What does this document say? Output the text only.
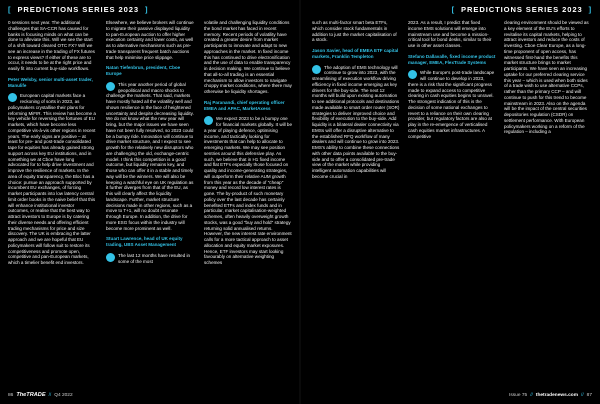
[ PREDICTIONS SERIES 2023 ]	[ PREDICTIONS SERIES 2023 ]
0 sessions next year. The additional challenges that SA-CCR has caused for banks is focusing minds on what can be done to alleviate this. Will we see the start of a shift toward cleared OTC FX? Will we see an increase in the trading of FX futures to express views? If either of these are to occur, it needs to be at the right price and easily fit into current buy-side workflows.
Peter Welsby, senior multi-asset trader, Manulife
European capital markets face a reckoning of sorts in 2023, as policymakers crystallise their plans for reforming MiFIR. This review has become a key vehicle for reversing the fortunes of EU markets, which have become less competitive vis-à-vis other regions in recent years. The early signs are positive – at least for pre- and post-trade consolidated tape for equities has already gained strong support across key EU institutions, and in something we at Cboe have long advocated for to help drive investment and improve the resilience of markets. In the area of equity transparency, the Bloc has a choice: pursue an approach supported by incumbent EU exchanges, of forcing market participants into low latency central limit order books in the naive belief that this will enhance institutional investor outcomes, or realise that the best way to attract investors to Europe is by catering their diverse needs and offering efficient trading mechanisms for price and size discovery. The UK is embracing the latter approach and we are hopeful that EU policymakers will follow suit to restore its competitiveness and promote open, competitive and pan-European markets, which a timelier benefit end investors.
Elsewhere, we believe brokers will continue to migrate their passive displayed liquidity to pan-European auction to offer higher execution certainty and lower costs, as well as to alternative mechanisms such as pre-trade transparent frequent batch auctions that help minimise price slippage.
Natan Tiefenbrun, president, Cboe Europe
This year another period of global geopolitical and macro shocks to challenge the markets. That said, markets have mostly hated all the volatility well and shown resilience in the face of heightened uncertainty and despite decreasing liquidity. We do not know what the new year will bring, but the major issues we have seen have not been fully resolved, so 2023 could be a bumpy ride. Innovation will continue to drive market structure, and I expect to see growth for the relatively new disruptors who are challenging the old, exchange-centric model. I think this competition is a good outcome, but liquidity remains key, and those who can offer it in a stable and timely way will be the winners. We will also be keeping a watchful eye on UK regulation as it further diverges from that of the EU, as this will clearly affect the liquidity landscape. Further, market structure decisions made in other regions, such as a move to T+1, will no doubt resonate through Europe. In addition, the drive for more ESG focus within the industry will become more prominent as well.
Stuart Lawrence, head of UK equity trading, UBS Asset Management
The last 12 months have resulted in some of the most
volatile and challenging liquidity conditions the bond market has faced in recent memory. Recent periods of volatility have created a greater desire from market participants to innovate and adapt to new approaches in the market. In fixed income this has continued to drive electronification and the use of data to enable transparency in decision making. We continue to believe that all-to-all trading is an essential mechanism to allow investors to navigate choppy market conditions, where there may otherwise be liquidity shortages.
Raj Paranandi, chief operating officer EMEA and APAC, MarketAxess
We expect 2023 to be a bumpy one for financial markets globally. It will be a year of playing defence, optimising income, and tactically looking for investments that can help to allocate to emerging markets. We may see position sentries around this defensive play. As such, we believe that in H1 fixed income and flat ETFs especially those focused on quality and income-generating strategies, will outperform their relative AUM growth from this year as the decade of "cheap" money and record low interest rates is gone. The by-product of such monetary policy over the last decade has certainly benefited ETFs and index funds and in particular, market capitalisation-weighted schemes, often heavily overweight growth stocks, was a good "buy and hold" strategy returning solid annualised returns. However, the new interest rate environment calls for a more tactical approach to asset allocation and equity market exposures. Hence, ETF investors may start looking favourably on alternative weighting schemes
such as multi-factor smart beta ETFs, which consider stock fundamentals in addition to just the market capitalisation of a stock.
Jason Xavier, head of EMEA ETF capital markets, Franklin Templeton
The adoption of EMS technology will continue to grow into 2023, with the streamlining of execution workflow driving efficiency in fixed income emerging as key drivers for the buy-side. The next 12 months will build upon existing automation to see additional protocols and destinations made available to smart order router (SOR) strategies to deliver improved choice and flexibility of execution to the buy-side. Add liquidity is a bilateral dealer connectivity via EMSs will offer a disruptive alternative to the established RFQ workflow of many dealers and will continue to grow into 2023. EMS's ability to combine these connections with other data points available to the buy-side and to offer a consolidated pre-trade view of the market while providing intelligent automation capabilities will become crucial in
2023. As a result, I predict that fixed income EMS solutions will emerge into mainstream use and become a mission-critical tool for bond desks, similar to their use in other asset classes.
Stefano Dallavalle, fixed income product manager, EMEA, FlexTrade Systems
While Europe's post-trade landscape will continue to develop in 2023, there is a risk that the significant progress made to expand access to competitive clearing in cash equities begins to unravel. The strongest indication of this is the decision of some national exchanges to revert to a reliance on their own clearing provider, but regulatory factors are also at play in the re-emergence of verticalised cash equities market infrastructures. A competitive
clearing environment should be viewed as a key element of the EU's efforts to revitalise its capital markets, helping to attract investors and reduce the costs of investing. Cboe Clear Europe, as a long-time proponent of open access, has witnessed first-hand the benefits this market structure brings to market participants. We have seen an increasing uptake for our preferred clearing service this year – which is used when both sides of a trade wish to use alternative CCPs, rather than the primary CCP – and will continue to push for this trend to become mainstream in 2023. Also on the agenda will be the impact of the central securities depositories regulation (CSDR) on settlement performance. With European policymakers working on a reform of the regulation – including a
86 TheTRADE // Q4 2022	Issue 75 // thetradenews.com // 87
